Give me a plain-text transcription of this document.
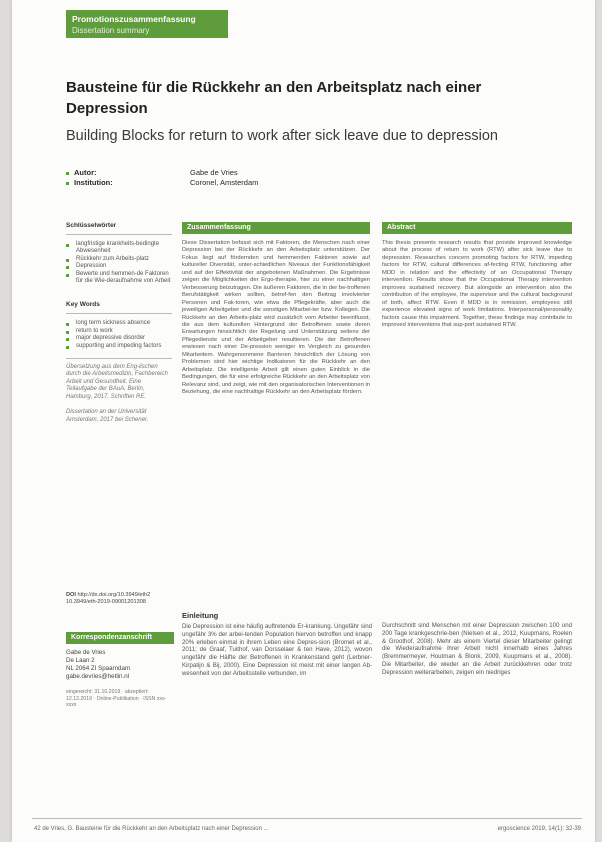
Promotionszusammenfassung
Dissertation summary
Bausteine für die Rückkehr an den Arbeitsplatz nach einer Depression
Building Blocks for return to work after sick leave due to depression
Autor:	Gabe de Vries
Institution:	Coronel, Amsterdam
Schlüsselwörter
langfristige krankheits-bedingte Abwesenheit
Rückkehr zum Arbeits-platz
Depression
Bewerte und hemmen-de Faktoren für die Wie-deraufnahme von Arbeit
Key Words
long term sickness absence
return to work
major depressive disorder
supporting and impeding factors
Übersetzung aus dem Eng-lischen durch die Arbeitsmedizin, Fachbereich Arbeit und Gesundheit. Eine Teilaufgabe der BAuA, Berlin, Hamburg, 2017, Schriften RE.
Dissertation an der Universität Amsterdam, 2017 bei Schener.
DOI http://dx.doi.org/10.3949/eth2
10.3949/eth-2019-09001201308
Zusammenfassung
Diese Dissertation befasst sich mit Faktoren, die Menschen nach einer Depression bei der Rückkehr an den Arbeitsplatz unterstützen. Der Fokus liegt auf fördernden und hemmenden Faktoren sowie auf kultureller Diversität, unter-schiedlichen Niveaus der Funktionsfähigkeit und auf der Effektivität der angebotenen Maßnahmen. Die Ergebnisse zeigen die Möglichkeiten der Ergo-therapie, hier zu einer nachhaltigen Verbesserung beizutragen. Die äußeren Faktoren, die in der be-troffenen Berufstätigkeit wirken sollten, betref-fen den Beitrag involvierter Personen und Fak-toren, wie etwa die Pflegekräfte, aber auch die jeweiligen Arbeitgeber und die sonstigen Mitarbei-ter bzw. Kollegen. Die Rückkehr an den Arbeits-platz wird zusätzlich vom Arbeiter beeinflusst, die aus dem kulturellen Hintergrund der Betroffenen sowie deren Erwartungen hinsichtlich der Regelung und Unterstützung seitens der Pflegedienste und der Arbeitgeber resultieren. Die der Betroffenen erwiesen nach einer De-pression weniger im Vergleich zu gesunden Mitarbeitern. Wahrgenommene Barrieren hinsichtlich der Lösung von Problemen sind hier wichtige Indikatoren für die Rückkehr an den Arbeitsplatz. Die intelligente Arbeit gilt einen guten Einblick in die Bedingungen, die für eine erfolgreiche Rückkehr an den Arbeitsplatz von Relevanz sind, und zeigt, wie mit den organisatorischen Interventionen in Beziehung, die eine nachhaltige Rückkehr an den Arbeitsplatz fördern.
Abstract
This thesis presents research results that provide improved knowledge about the process of return to work (RTW) after sick leave due to depression. Researches concern promoting factors for RTW, impeding factors for RTW, cultural differences af-fecting RTW, functioning after MDD in relation and the effectivity of an Occupational Therapy intervention. Results show that the Occupational Therapy intervention improves sustained recovery. But alongside an intervention also the contribution of the employee, the supervisor and the cultural background of both, affect RTW. Even if MDD is in remission, employees still experience elevated signs of work limitations. Interpersonal/personality factors cause this impairment. Together, these findings may contribute to improved interventions that sup-port sustained RTW.
Einleitung
Die Depression ist eine häufig auftretende Er-krankung. Ungefähr sind ungefähr 3% der arbei-tenden Population hiervon betroffen und knapp 20% erleben einmal in ihrem Leben eine Depres-sion (Bromet et al., 2011; de Graaf, Tuithof, van Dorsselaer & ten Have, 2012), wovon ungefähr die Hälfte der Betroffenen in Krankenstand geht (Lerbner-Kirpatijn & Bij, 2000). Eine Depression ist meist mit einer langen Ab-wesenheit von der Arbeitsstelle verbunden, im
Durchschnitt sind Menschen mit einer Depression zwischen 100 und 200 Tage krankgeschrie-ben (Nielsen et al., 2012, Kuupmans, Roelen & Groothof, 2008). Mehr als einem Viertel dieser Mitarbeiter gelingt die Wiederaufnahme ihrer Arbeit nicht innerhalb eines Jahres (Bremmermeyer, Houtman & Blonk, 2009, Kuupmans et al., 2008). Die Mitarbeiter, die wieder an die Arbeit zurückkehren oder trotz Depression weiterarbeiten, zeigen ein niedriges
Korrespondenzanschrift
Gabe de Vries
De Laan 2
NL 2064 ZI Spaarndam
gabe.devries@hetlin.nl
eingereicht: 31.10.2019 · akzeptiert: 12.12.2019 · Online-Publikation · ISSN xxx-xxxx
42 de Vries, G. Bausteine für die Rückkehr an den Arbeitsplatz nach einer Depression ...	ergoscience 2019, 14(1): 32-39
